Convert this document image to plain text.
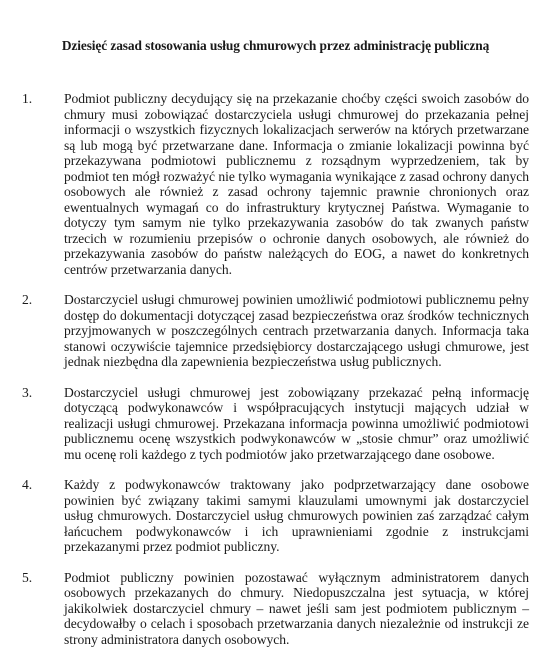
Dziesięć zasad stosowania usług chmurowych przez administrację publiczną
1.	Podmiot publiczny decydujący się na przekazanie choćby części swoich zasobów do chmury musi zobowiązać dostarczyciela usługi chmurowej do przekazania pełnej informacji o wszystkich fizycznych lokalizacjach serwerów na których przetwarzane są lub mogą być przetwarzane dane. Informacja o zmianie lokalizacji powinna być przekazywana podmiotowi publicznemu z rozsądnym wyprzedzeniem, tak by podmiot ten mógł rozważyć nie tylko wymagania wynikające z zasad ochrony danych osobowych ale również z zasad ochrony tajemnic prawnie chronionych oraz ewentualnych wymagań co do infrastruktury krytycznej Państwa. Wymaganie to dotyczy tym samym nie tylko przekazywania zasobów do tak zwanych państw trzecich w rozumieniu przepisów o ochronie danych osobowych, ale również do przekazywania zasobów do państw należących do EOG, a nawet do konkretnych centrów przetwarzania danych.

2.	Dostarczyciel usługi chmurowej powinien umożliwić podmiotowi publicznemu pełny dostęp do dokumentacji dotyczącej zasad bezpieczeństwa oraz środków technicznych przyjmowanych w poszczególnych centrach przetwarzania danych. Informacja taka stanowi oczywiście tajemnice przedsiębiorcy dostarczającego usługi chmurowe, jest jednak niezbędna dla zapewnienia bezpieczeństwa usług publicznych.

3.	Dostarczyciel usługi chmurowej jest zobowiązany przekazać pełną informację dotyczącą podwykonawców i współpracujących instytucji mających udział w realizacji usługi chmurowej. Przekazana informacja powinna umożliwić podmiotowi publicznemu ocenę wszystkich podwykonawców w „stosie chmur” oraz umożliwić mu ocenę roli każdego z tych podmiotów jako przetwarzającego dane osobowe.

4.	Każdy z podwykonawców traktowany jako podprzetwarzający dane osobowe powinien być związany takimi samymi klauzulami umownymi jak dostarczyciel usług chmurowych. Dostarczyciel usług chmurowych powinien zaś zarządzać całym łańcuchem podwykonawców i ich uprawnieniami zgodnie z instrukcjami przekazanymi przez podmiot publiczny.

5.	Podmiot publiczny powinien pozostawać wyłącznym administratorem danych osobowych przekazanych do chmury. Niedopuszczalna jest sytuacja, w której jakikolwiek dostarczyciel chmury – nawet jeśli sam jest podmiotem publicznym – decydowałby o celach i sposobach przetwarzania danych niezależnie od instrukcji ze strony administratora danych osobowych.
